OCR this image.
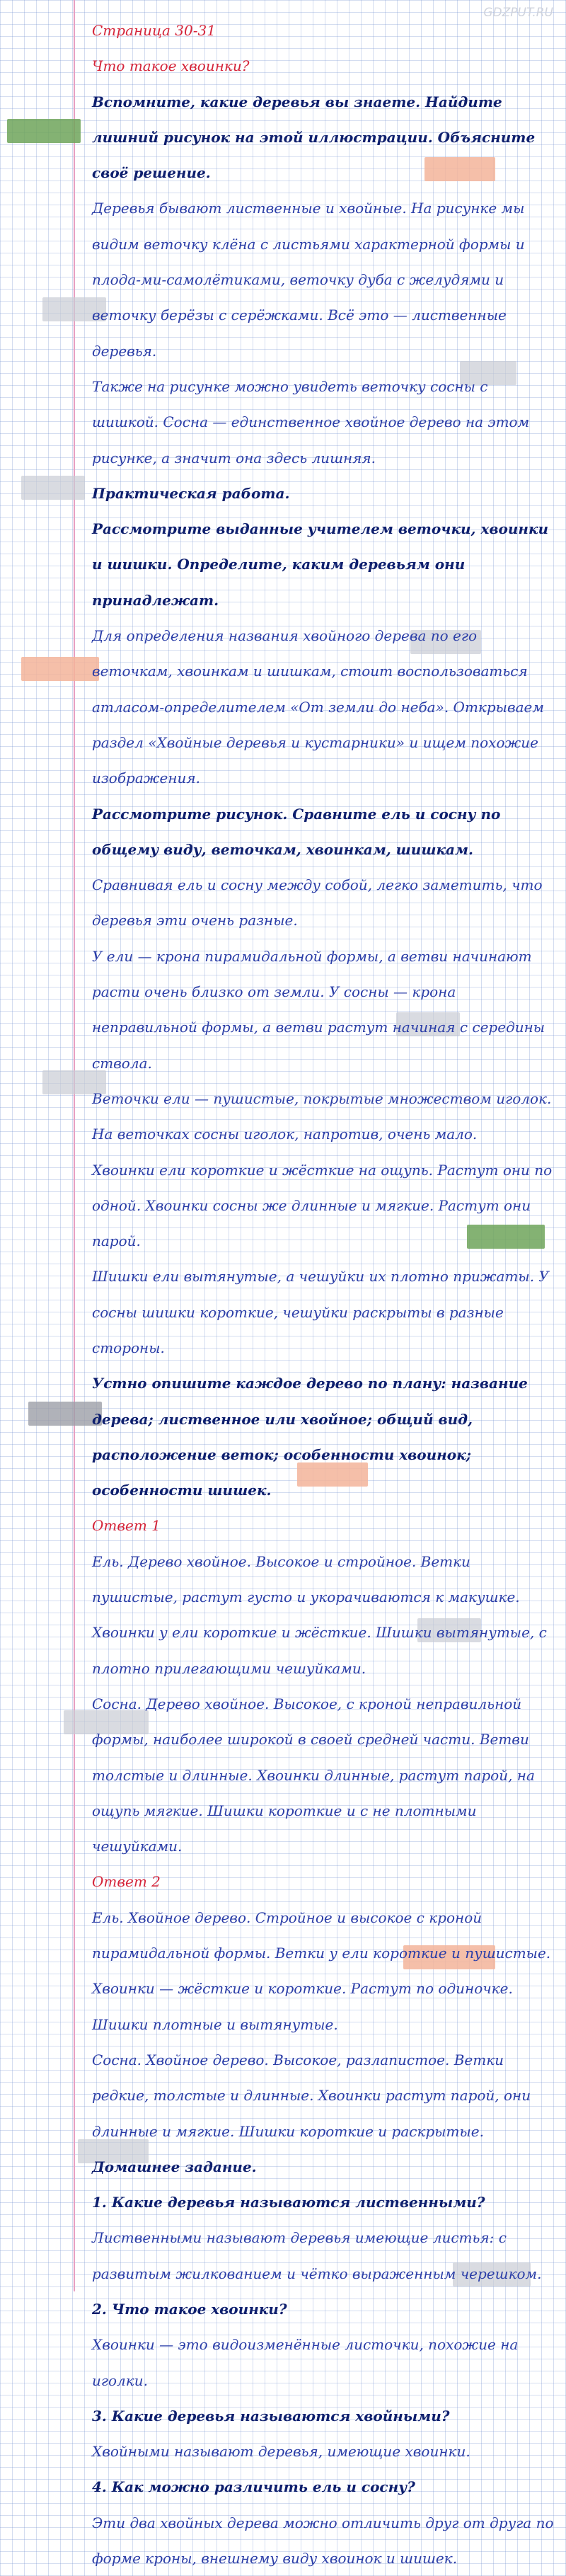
GDZPUT.RU

Страница 30-31

Что такое хвоинки?

Вспомните, какие деревья вы знаете. Найдите лишний рисунок на этой иллюстрации. Объясните своё решение.

Деревья бывают лиственные и хвойные. На рисунке мы видим веточку клёна с листьями характерной формы и плода-ми-самолётиками, веточку дуба с желудями и веточку берёзы с серёжками. Всё это — лиственные деревья.

Также на рисунке можно увидеть веточку сосны с шишкой. Сосна — единственное хвойное дерево на этом рисунке, а значит она здесь лишняя.

Практическая работа.

Рассмотрите выданные учителем веточки, хвоинки и шишки. Определите, каким деревьям они принадлежат.

Для определения названия хвойного дерева по его веточкам, хвоинкам и шишкам, стоит воспользоваться атласом-определителем «От земли до неба». Открываем раздел «Хвойные деревья и кустарники» и ищем похожие изображения.

Рассмотрите рисунок. Сравните ель и сосну по общему виду, веточкам, хвоинкам, шишкам.

Сравнивая ель и сосну между собой, легко заметить, что деревья эти очень разные.

У ели — крона пирамидальной формы, а ветви начинают расти очень близко от земли. У сосны — крона неправильной формы, а ветви растут начиная с середины ствола.

Веточки ели — пушистые, покрытые множеством иголок. На веточках сосны иголок, напротив, очень мало.

Хвоинки ели короткие и жёсткие на ощупь. Растут они по одной. Хвоинки сосны же длинные и мягкие. Растут они парой.

Шишки ели вытянутые, а чешуйки их плотно прижаты. У сосны шишки короткие, чешуйки раскрыты в разные стороны.

Устно опишите каждое дерево по плану: название дерева; лиственное или хвойное; общий вид, расположение веток; особенности хвоинок; особенности шишек.

Ответ 1

Ель. Дерево хвойное. Высокое и стройное. Ветки пушистые, растут густо и укорачиваются к макушке. Хвоинки у ели короткие и жёсткие. Шишки вытянутые, с плотно прилегающими чешуйками.

Сосна. Дерево хвойное. Высокое, с кроной неправильной формы, наиболее широкой в своей средней части. Ветви толстые и длинные. Хвоинки длинные, растут парой, на ощупь мягкие. Шишки короткие и с не плотными чешуйками.

Ответ 2

Ель. Хвойное дерево. Стройное и высокое с кроной пирамидальной формы. Ветки у ели короткие и пушистые. Хвоинки — жёсткие и короткие. Растут по одиночке. Шишки плотные и вытянутые.

Сосна. Хвойное дерево. Высокое, разлапистое. Ветки редкие, толстые и длинные. Хвоинки растут парой, они длинные и мягкие. Шишки короткие и раскрытые.

Домашнее задание.

1. Какие деревья называются лиственными?

Лиственными называют деревья имеющие листья: с развитым жилкованием и чётко выраженным черешком.

2. Что такое хвоинки?

Хвоинки — это видоизменённые листочки, похожие на иголки.

3. Какие деревья называются хвойными?

Хвойными называют деревья, имеющие хвоинки.

4. Как можно различить ель и сосну?

Эти два хвойных дерева можно отличить друг от друга по форме кроны, внешнему виду хвоинок и шишек.
